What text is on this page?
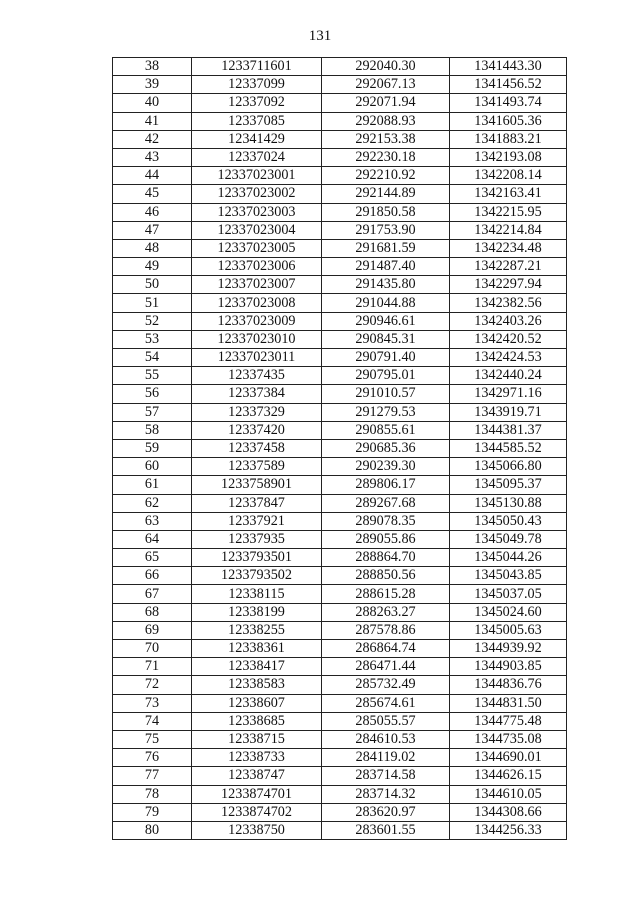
131
38	1233711601	292040.30	1341443.30
39	12337099	292067.13	1341456.52
40	12337092	292071.94	1341493.74
41	12337085	292088.93	1341605.36
42	12341429	292153.38	1341883.21
43	12337024	292230.18	1342193.08
44	12337023001	292210.92	1342208.14
45	12337023002	292144.89	1342163.41
46	12337023003	291850.58	1342215.95
47	12337023004	291753.90	1342214.84
48	12337023005	291681.59	1342234.48
49	12337023006	291487.40	1342287.21
50	12337023007	291435.80	1342297.94
51	12337023008	291044.88	1342382.56
52	12337023009	290946.61	1342403.26
53	12337023010	290845.31	1342420.52
54	12337023011	290791.40	1342424.53
55	12337435	290795.01	1342440.24
56	12337384	291010.57	1342971.16
57	12337329	291279.53	1343919.71
58	12337420	290855.61	1344381.37
59	12337458	290685.36	1344585.52
60	12337589	290239.30	1345066.80
61	1233758901	289806.17	1345095.37
62	12337847	289267.68	1345130.88
63	12337921	289078.35	1345050.43
64	12337935	289055.86	1345049.78
65	1233793501	288864.70	1345044.26
66	1233793502	288850.56	1345043.85
67	12338115	288615.28	1345037.05
68	12338199	288263.27	1345024.60
69	12338255	287578.86	1345005.63
70	12338361	286864.74	1344939.92
71	12338417	286471.44	1344903.85
72	12338583	285732.49	1344836.76
73	12338607	285674.61	1344831.50
74	12338685	285055.57	1344775.48
75	12338715	284610.53	1344735.08
76	12338733	284119.02	1344690.01
77	12338747	283714.58	1344626.15
78	1233874701	283714.32	1344610.05
79	1233874702	283620.97	1344308.66
80	12338750	283601.55	1344256.33
